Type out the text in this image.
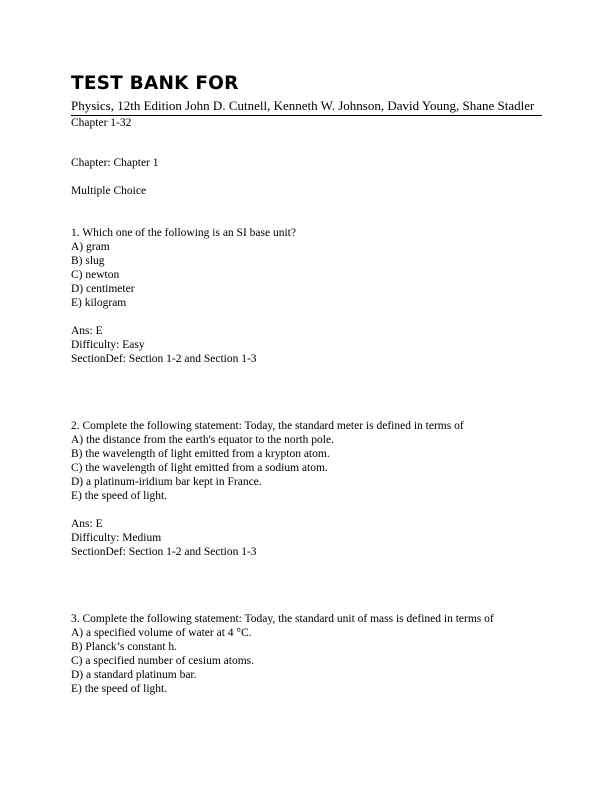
TEST BANK FOR
Physics, 12th Edition John D. Cutnell, Kenneth W. Johnson, David Young, Shane Stadler
Chapter 1-32
Chapter: Chapter 1
Multiple Choice
1. Which one of the following is an SI base unit?
A) gram
B) slug
C) newton
D) centimeter
E) kilogram
Ans: E
Difficulty: Easy
SectionDef: Section 1-2 and Section 1-3
2. Complete the following statement: Today, the standard meter is defined in terms of
A) the distance from the earth's equator to the north pole.
B) the wavelength of light emitted from a krypton atom.
C) the wavelength of light emitted from a sodium atom.
D) a platinum-iridium bar kept in France.
E) the speed of light.
Ans: E
Difficulty: Medium
SectionDef: Section 1-2 and Section 1-3
3. Complete the following statement: Today, the standard unit of mass is defined in terms of
A) a specified volume of water at 4 °C.
B) Planck’s constant h.
C) a specified number of cesium atoms.
D) a standard platinum bar.
E) the speed of light.
